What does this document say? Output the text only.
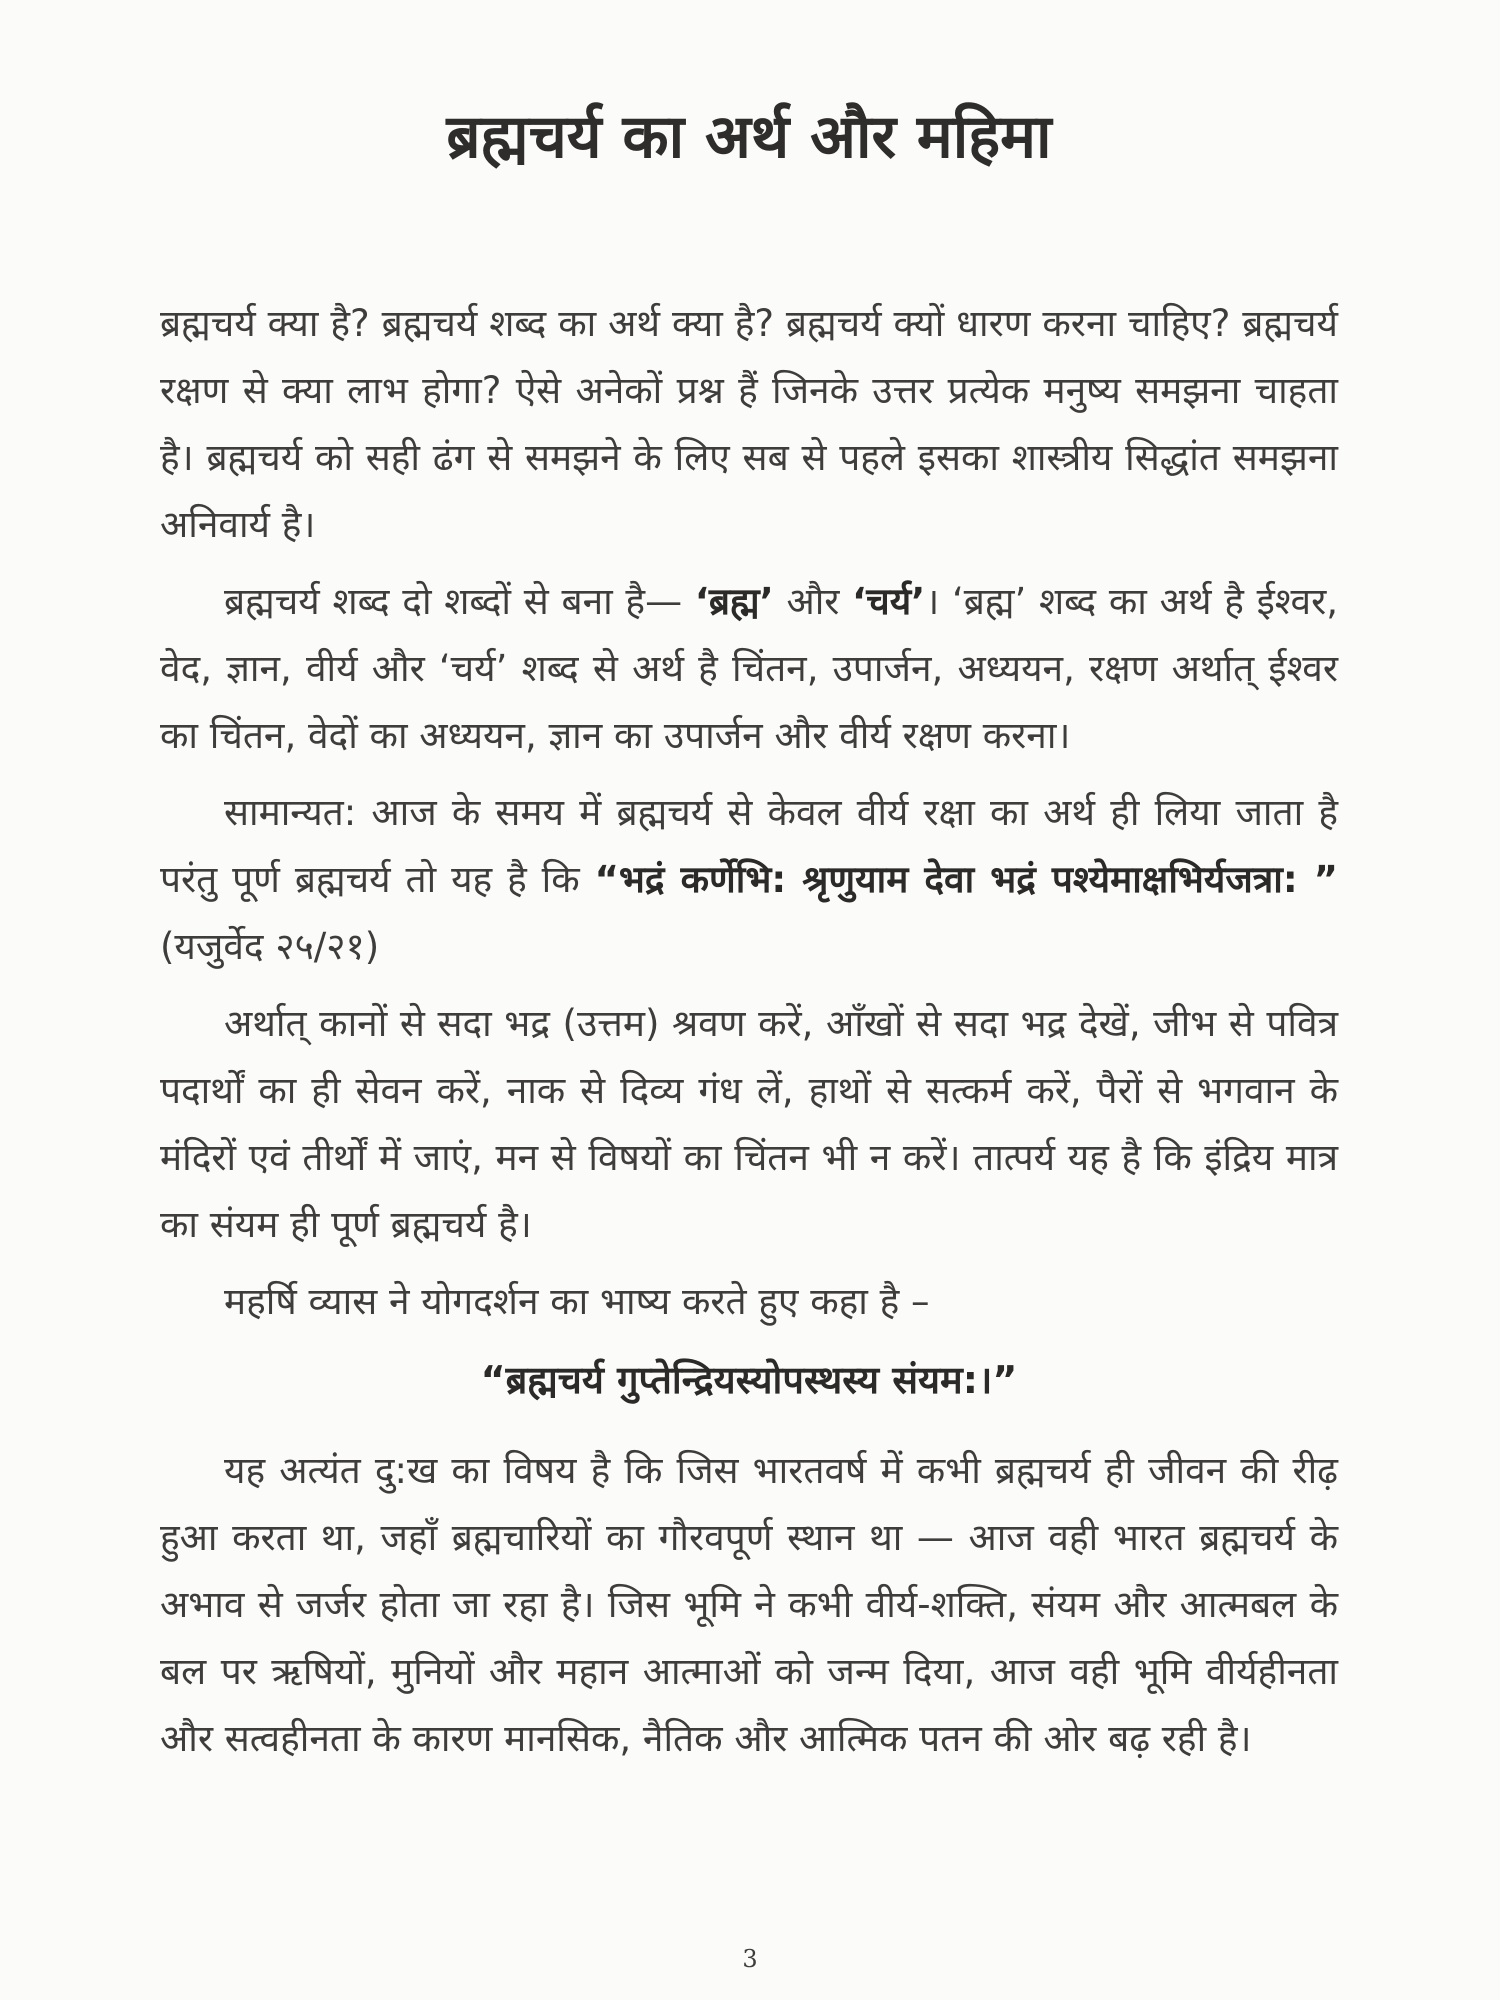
ब्रह्मचर्य का अर्थ और महिमा

ब्रह्मचर्य क्या है? ब्रह्मचर्य शब्द का अर्थ क्या है? ब्रह्मचर्य क्यों धारण करना चाहिए? ब्रह्मचर्य रक्षण से क्या लाभ होगा? ऐसे अनेकों प्रश्न हैं जिनके उत्तर प्रत्येक मनुष्य समझना चाहता है। ब्रह्मचर्य को सही ढंग से समझने के लिए सब से पहले इसका शास्त्रीय सिद्धांत समझना अनिवार्य है।

ब्रह्मचर्य शब्द दो शब्दों से बना है— ‘ब्रह्म’ और ‘चर्य’। ‘ब्रह्म’ शब्द का अर्थ है ईश्वर, वेद, ज्ञान, वीर्य और ‘चर्य’ शब्द से अर्थ है चिंतन, उपार्जन, अध्ययन, रक्षण अर्थात् ईश्वर का चिंतन, वेदों का अध्ययन, ज्ञान का उपार्जन और वीर्य रक्षण करना।

सामान्यत: आज के समय में ब्रह्मचर्य से केवल वीर्य रक्षा का अर्थ ही लिया जाता है परंतु पूर्ण ब्रह्मचर्य तो यह है कि “भद्रं कर्णेभि: श्रृणुयाम देवा भद्रं पश्येमाक्षभिर्यजत्रा: ” (यजुर्वेद २५/२१)

अर्थात् कानों से सदा भद्र (उत्तम) श्रवण करें, आँखों से सदा भद्र देखें, जीभ से पवित्र पदार्थों का ही सेवन करें, नाक से दिव्य गंध लें, हाथों से सत्कर्म करें, पैरों से भगवान के मंदिरों एवं तीर्थों में जाएं, मन से विषयों का चिंतन भी न करें। तात्पर्य यह है कि इंद्रिय मात्र का संयम ही पूर्ण ब्रह्मचर्य है।

महर्षि व्यास ने योगदर्शन का भाष्य करते हुए कहा है –

“ब्रह्मचर्य गुप्तेन्द्रियस्योपस्थस्य संयम:।”

यह अत्यंत दु:ख का विषय है कि जिस भारतवर्ष में कभी ब्रह्मचर्य ही जीवन की रीढ़ हुआ करता था, जहाँ ब्रह्मचारियों का गौरवपूर्ण स्थान था — आज वही भारत ब्रह्मचर्य के अभाव से जर्जर होता जा रहा है। जिस भूमि ने कभी वीर्य-शक्ति, संयम और आत्मबल के बल पर ऋषियों, मुनियों और महान आत्माओं को जन्म दिया, आज वही भूमि वीर्यहीनता और सत्वहीनता के कारण मानसिक, नैतिक और आत्मिक पतन की ओर बढ़ रही है।

3
